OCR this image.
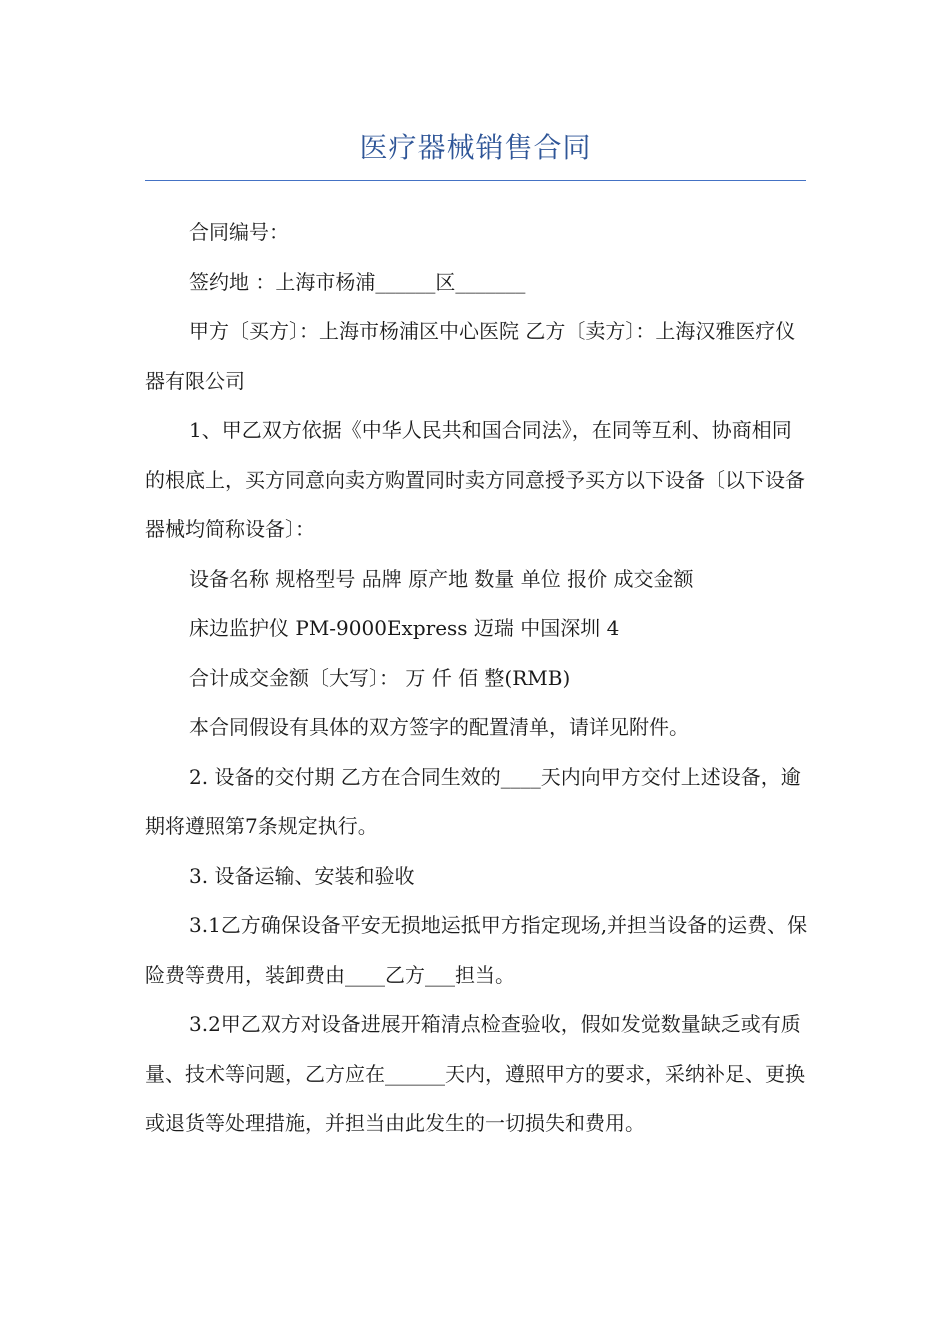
医疗器械销售合同

合同编号：

签约地 ：上海市杨浦______区_______

甲方〔买方〕：上海市杨浦区中心医院 乙方〔卖方〕：上海汉雅医疗仪器有限公司

1、甲乙双方依据《中华人民共和国合同法》，在同等互利、协商相同的根底上，买方同意向卖方购置同时卖方同意授予买方以下设备〔以下设备器械均简称设备〕：

设备名称 规格型号 品牌 原产地 数量 单位 报价 成交金额

床边监护仪 PM-9000Express 迈瑞 中国深圳 4

合计成交金额〔大写〕： 万 仟 佰 整(RMB)

本合同假设有具体的双方签字的配置清单，请详见附件。

2. 设备的交付期 乙方在合同生效的____天内向甲方交付上述设备，逾期将遵照第7条规定执行。

3. 设备运输、安装和验收

3.1乙方确保设备平安无损地运抵甲方指定现场,并担当设备的运费、保险费等费用，装卸费由____乙方___担当。

3.2甲乙双方对设备进展开箱清点检查验收，假如发觉数量缺乏或有质量、技术等问题，乙方应在______天内，遵照甲方的要求，采纳补足、更换或退货等处理措施，并担当由此发生的一切损失和费用。
